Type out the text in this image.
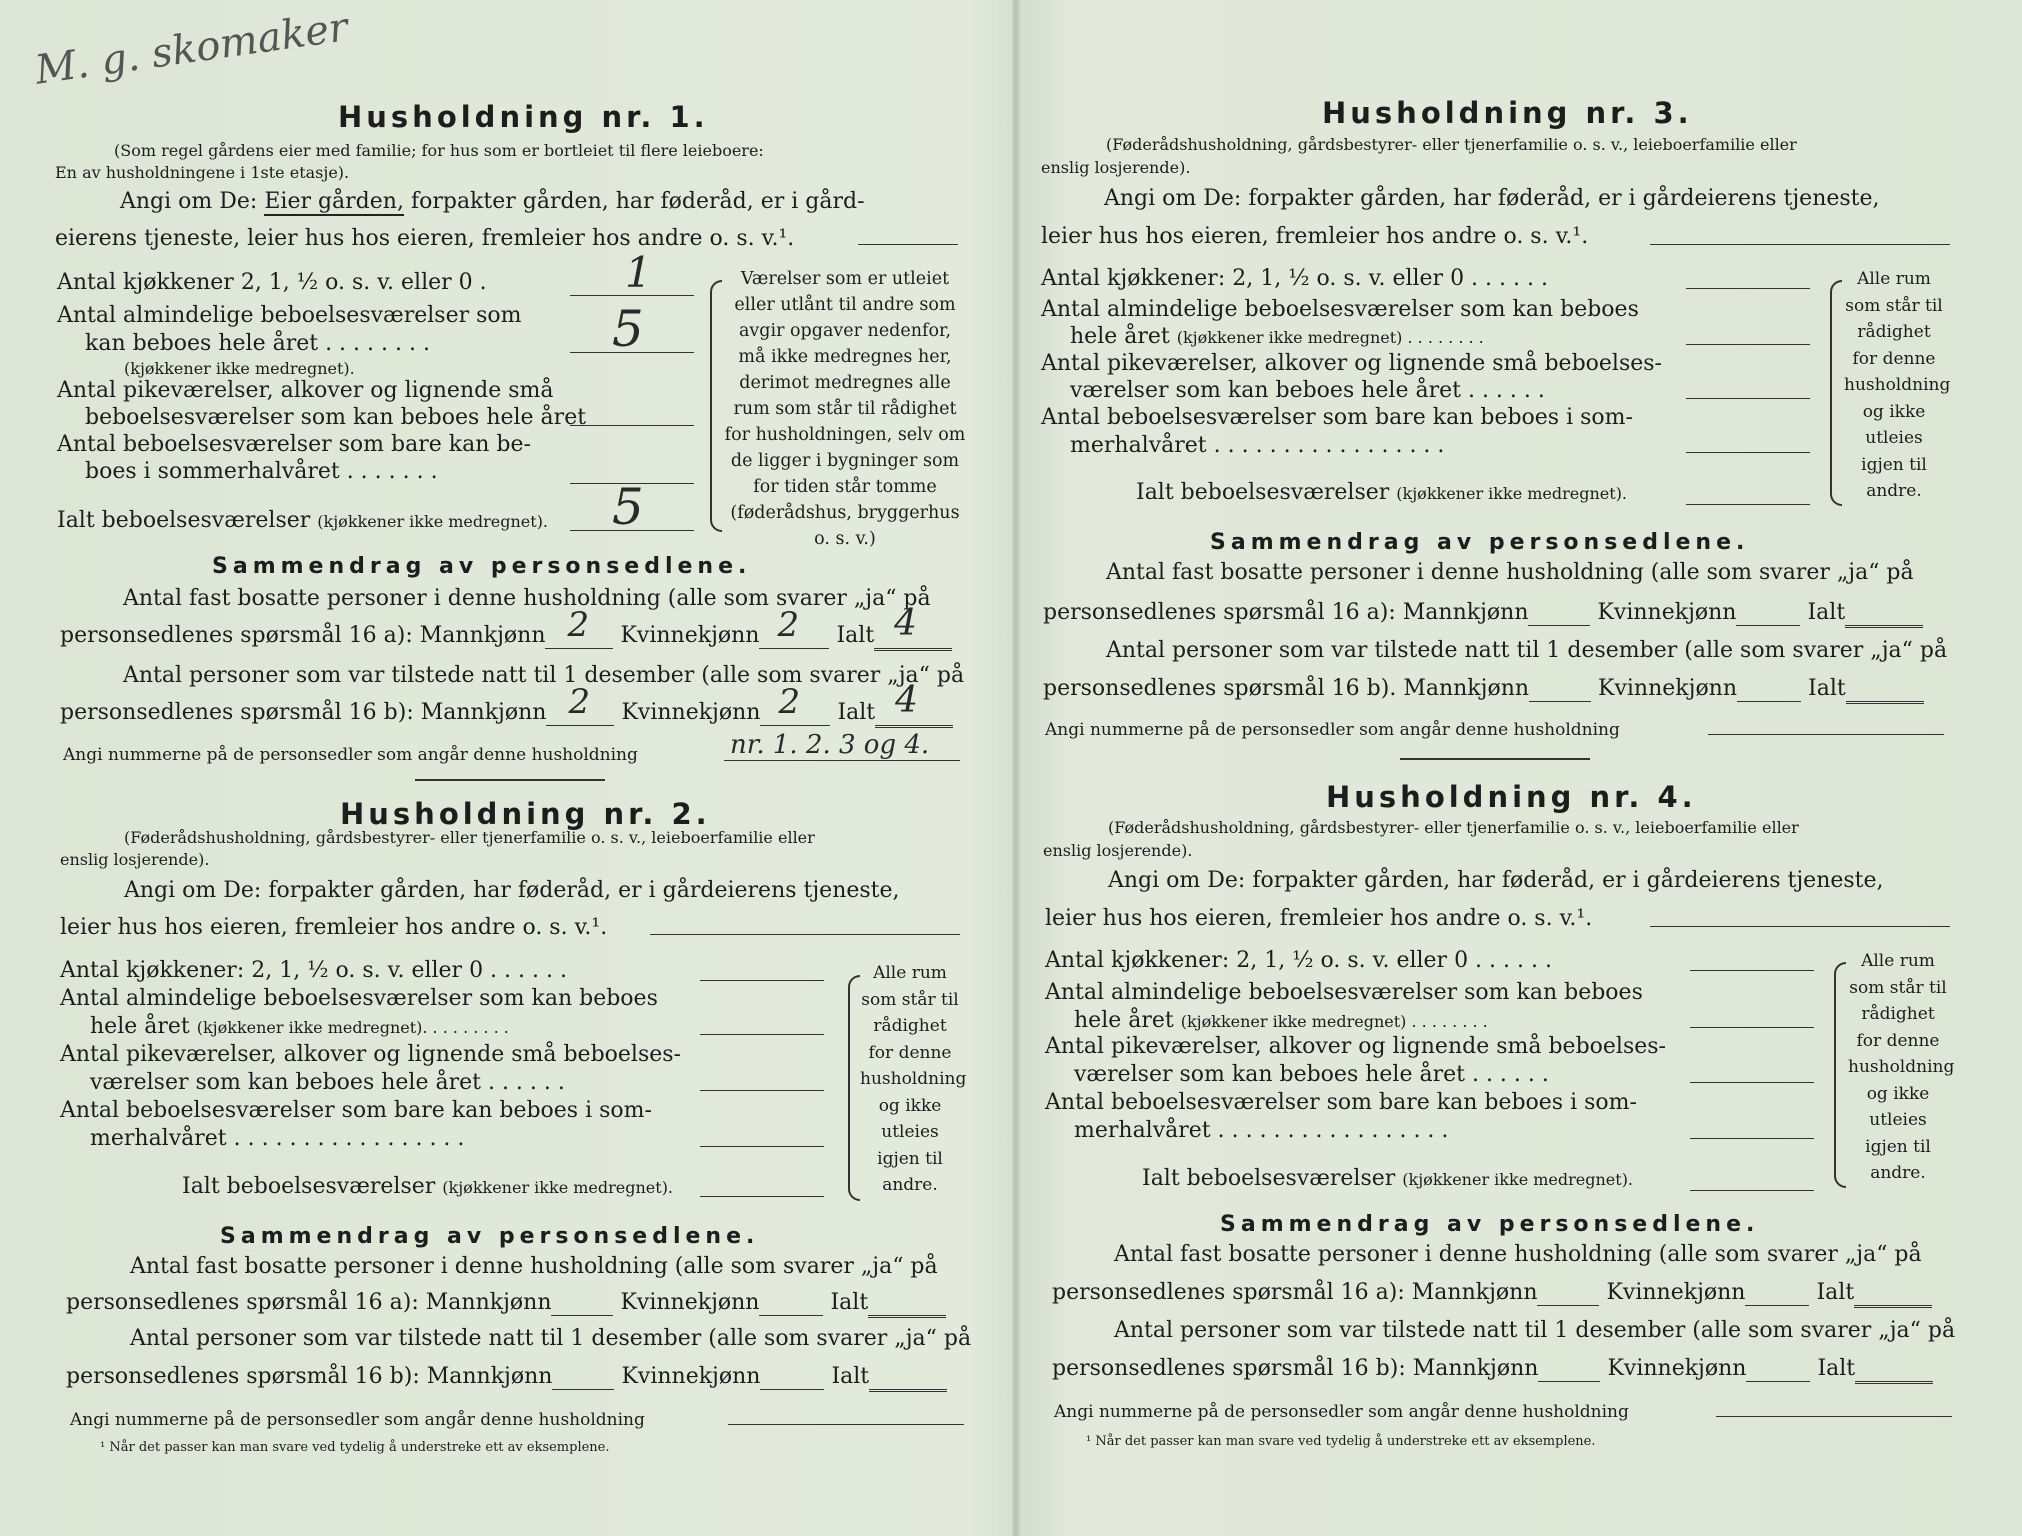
M. g. skomaker
Husholdning nr. 1.
(Som regel gårdens eier med familie; for hus som er bortleiet til flere leieboere:
En av husholdningene i 1ste etasje).
Angi om De: Eier gården, forpakter gården, har føderåd, er i gård-
eierens tjeneste, leier hus hos eieren, fremleier hos andre o. s. v.¹.
Antal kjøkkener 2, 1, ½ o. s. v. eller 0 .	1
Antal almindelige beboelsesværelser som
kan beboes hele året . . . . . . . .
(kjøkkener ikke medregnet).
5
Antal pikeværelser, alkover og lignende små
beboelsesværelser som kan beboes hele året
Antal beboelsesværelser som bare kan be-
boes i sommerhalvåret . . . . . . .
Ialt beboelsesværelser (kjøkkener ikke medregnet). 5
Værelser som er utleiet eller utlånt til andre som avgir opgaver nedenfor, må ikke medregnes her, derimot medregnes alle rum som står til rådighet for husholdningen, selv om de ligger i bygninger som for tiden står tomme (føderådshus, bryggerhus o. s. v.)
Sammendrag av personsedlene.
Antal fast bosatte personer i denne husholdning (alle som svarer „ja“ på
personsedlenes spørsmål 16 a): Mannkjønn 2 Kvinnekjønn 2 Ialt 4

Antal personer som var tilstede natt til 1 desember (alle som svarer „ja“ på
personsedlenes spørsmål 16 b): Mannkjønn 2 Kvinnekjønn 2 Ialt 4

Angi nummerne på de personsedler som angår denne husholdning	nr. 1. 2. 3 og 4.
Husholdning nr. 2.
(Føderådshusholdning, gårdsbestyrer- eller tjenerfamilie o. s. v., leieboerfamilie eller
enslig losjerende).
Angi om De: forpakter gården, har føderåd, er i gårdeierens tjeneste,
leier hus hos eieren, fremleier hos andre o. s. v.¹.
Antal kjøkkener: 2, 1, ½ o. s. v. eller 0 . . . . . .
Antal almindelige beboelsesværelser som kan beboes
hele året (kjøkkener ikke medregnet). . . . . . . . .
Antal pikeværelser, alkover og lignende små beboelses-
værelser som kan beboes hele året . . . . . .
Antal beboelsesværelser som bare kan beboes i som-
merhalvåret . . . . . . . . . . . . . . . . .
Ialt beboelsesværelser (kjøkkener ikke medregnet).
Alle rum som står til rådighet for denne husholdning og ikke utleies igjen til andre.
Sammendrag av personsedlene.
Antal fast bosatte personer i denne husholdning (alle som svarer „ja“ på
personsedlenes spørsmål 16 a): Mannkjønn	Kvinnekjønn	Ialt
Antal personer som var tilstede natt til 1 desember (alle som svarer „ja“ på
personsedlenes spørsmål 16 b): Mannkjønn	Kvinnekjønn	Ialt
Angi nummerne på de personsedler som angår denne husholdning
¹ Når det passer kan man svare ved tydelig å understreke ett av eksemplene.
Husholdning nr. 3.
(Føderådshusholdning, gårdsbestyrer- eller tjenerfamilie o. s. v., leieboerfamilie eller
enslig losjerende).
Angi om De: forpakter gården, har føderåd, er i gårdeierens tjeneste,
leier hus hos eieren, fremleier hos andre o. s. v.¹.
Antal kjøkkener: 2, 1, ½ o. s. v. eller 0 . . . . . .
Antal almindelige beboelsesværelser som kan beboes
hele året (kjøkkener ikke medregnet) . . . . . . . .
Antal pikeværelser, alkover og lignende små beboelses-
værelser som kan beboes hele året . . . . . .
Antal beboelsesværelser som bare kan beboes i som-
merhalvåret . . . . . . . . . . . . . . . . .
Ialt beboelsesværelser (kjøkkener ikke medregnet).
Alle rum som står til rådighet for denne husholdning og ikke utleies igjen til andre.
Sammendrag av personsedlene.
Antal fast bosatte personer i denne husholdning (alle som svarer „ja“ på
personsedlenes spørsmål 16 a): Mannkjønn	Kvinnekjønn	Ialt
Antal personer som var tilstede natt til 1 desember (alle som svarer „ja“ på
personsedlenes spørsmål 16 b). Mannkjønn	Kvinnekjønn	Ialt
Angi nummerne på de personsedler som angår denne husholdning
Husholdning nr. 4.
(Føderådshusholdning, gårdsbestyrer- eller tjenerfamilie o. s. v., leieboerfamilie eller
enslig losjerende).
Angi om De: forpakter gården, har føderåd, er i gårdeierens tjeneste,
leier hus hos eieren, fremleier hos andre o. s. v.¹.
Antal kjøkkener: 2, 1, ½ o. s. v. eller 0 . . . . . .
Antal almindelige beboelsesværelser som kan beboes
hele året (kjøkkener ikke medregnet) . . . . . . . .
Antal pikeværelser, alkover og lignende små beboelses-
værelser som kan beboes hele året . . . . . .
Antal beboelsesværelser som bare kan beboes i som-
merhalvåret . . . . . . . . . . . . . . . . .
Ialt beboelsesværelser (kjøkkener ikke medregnet).
Alle rum som står til rådighet for denne husholdning og ikke utleies igjen til andre.
Sammendrag av personsedlene.
Antal fast bosatte personer i denne husholdning (alle som svarer „ja“ på
personsedlenes spørsmål 16 a): Mannkjønn	Kvinnekjønn	Ialt
Antal personer som var tilstede natt til 1 desember (alle som svarer „ja“ på
personsedlenes spørsmål 16 b): Mannkjønn	Kvinnekjønn	Ialt
Angi nummerne på de personsedler som angår denne husholdning
¹ Når det passer kan man svare ved tydelig å understreke ett av eksemplene.
